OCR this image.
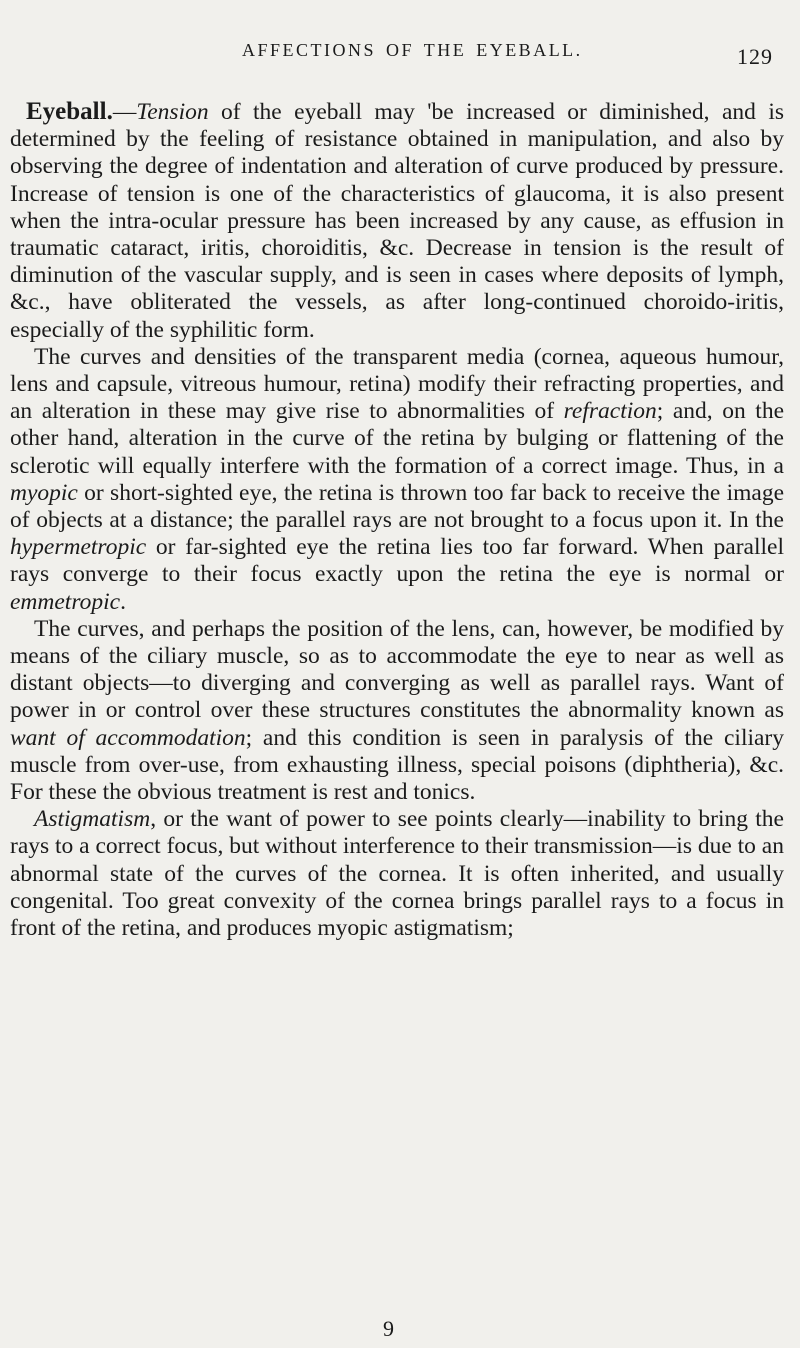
AFFECTIONS OF THE EYEBALL.	129

Eyeball.—Tension of the eyeball may 'be increased or diminished, and is determined by the feeling of resistance obtained in manipulation, and also by observing the degree of indentation and alteration of curve produced by pressure. Increase of tension is one of the characteristics of glaucoma, it is also present when the intra-ocular pressure has been increased by any cause, as effusion in traumatic cataract, iritis, choroiditis, &c. Decrease in tension is the result of diminution of the vascular supply, and is seen in cases where deposits of lymph, &c., have obliterated the vessels, as after long-continued choroido-iritis, especially of the syphilitic form.

The curves and densities of the transparent media (cornea, aqueous humour, lens and capsule, vitreous humour, retina) modify their refracting properties, and an alteration in these may give rise to abnormalities of refraction; and, on the other hand, alteration in the curve of the retina by bulging or flattening of the sclerotic will equally interfere with the formation of a correct image. Thus, in a myopic or short-sighted eye, the retina is thrown too far back to receive the image of objects at a distance; the parallel rays are not brought to a focus upon it. In the hypermetropic or far-sighted eye the retina lies too far forward. When parallel rays converge to their focus exactly upon the retina the eye is normal or emmetropic.

The curves, and perhaps the position of the lens, can, however, be modified by means of the ciliary muscle, so as to accommodate the eye to near as well as distant objects—to diverging and converging as well as parallel rays. Want of power in or control over these structures constitutes the abnormality known as want of accommodation; and this condition is seen in paralysis of the ciliary muscle from over-use, from exhausting illness, special poisons (diphtheria), &c. For these the obvious treatment is rest and tonics.

Astigmatism, or the want of power to see points clearly—inability to bring the rays to a correct focus, but without interference to their transmission—is due to an abnormal state of the curves of the cornea. It is often inherited, and usually congenital. Too great convexity of the cornea brings parallel rays to a focus in front of the retina, and produces myopic astigmatism;

9
